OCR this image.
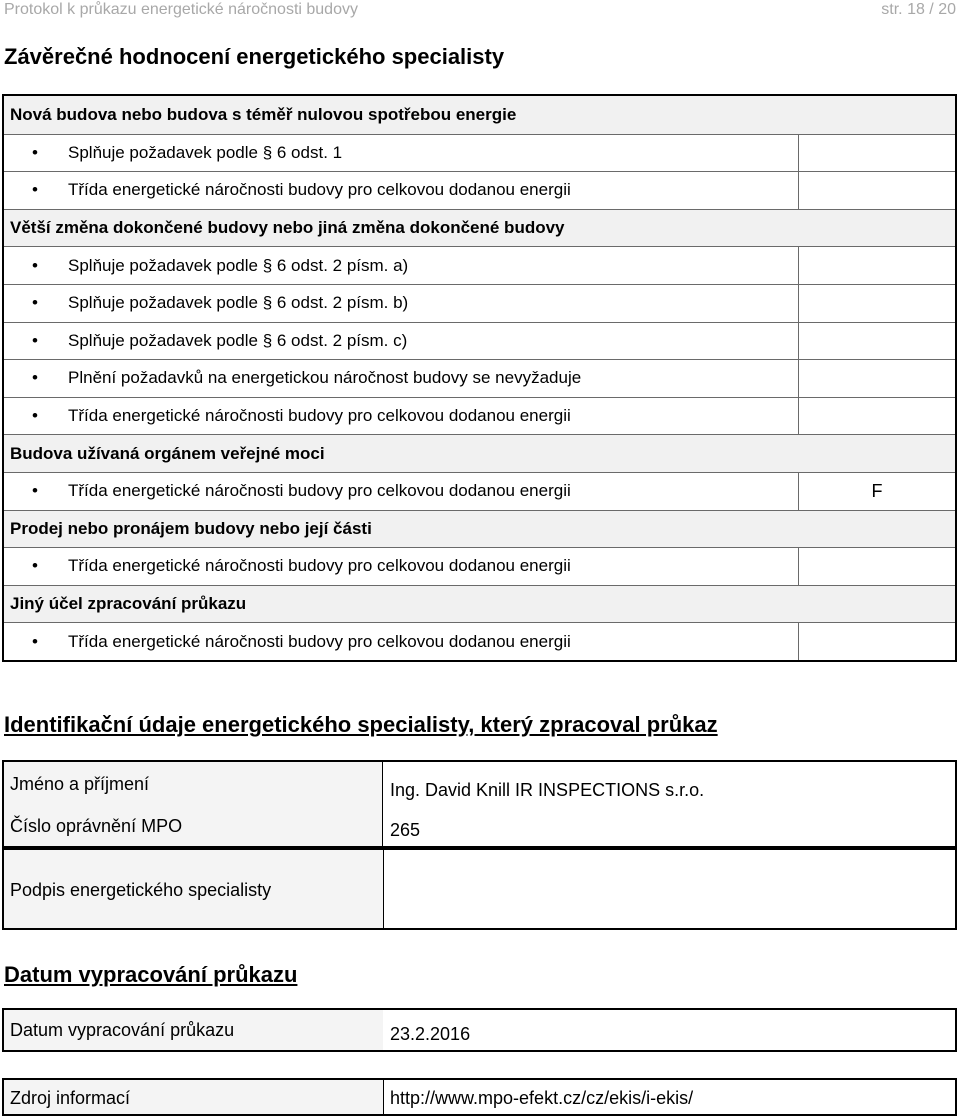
Protokol k průkazu energetické náročnosti budovy	str. 18 / 20
Závěrečné hodnocení energetického specialisty
Nová budova nebo budova s téměř nulovou spotřebou energie
•	Splňuje požadavek podle § 6 odst. 1
•	Třída energetické náročnosti budovy pro celkovou dodanou energii
Větší změna dokončené budovy nebo jiná změna dokončené budovy
•	Splňuje požadavek podle § 6 odst. 2 písm. a)
•	Splňuje požadavek podle § 6 odst. 2 písm. b)
•	Splňuje požadavek podle § 6 odst. 2 písm. c)
•	Plnění požadavků na energetickou náročnost budovy se nevyžaduje
•	Třída energetické náročnosti budovy pro celkovou dodanou energii
Budova užívaná orgánem veřejné moci
•	Třída energetické náročnosti budovy pro celkovou dodanou energii	F
Prodej nebo pronájem budovy nebo její části
•	Třída energetické náročnosti budovy pro celkovou dodanou energii
Jiný účel zpracování průkazu
•	Třída energetické náročnosti budovy pro celkovou dodanou energii
Identifikační údaje energetického specialisty, který zpracoval průkaz
Jméno a příjmení	Ing. David Knill IR INSPECTIONS s.r.o.
Číslo oprávnění MPO	265
Podpis energetického specialisty
Datum vypracování průkazu
Datum vypracování průkazu	23.2.2016
Zdroj informací	http://www.mpo-efekt.cz/cz/ekis/i-ekis/
